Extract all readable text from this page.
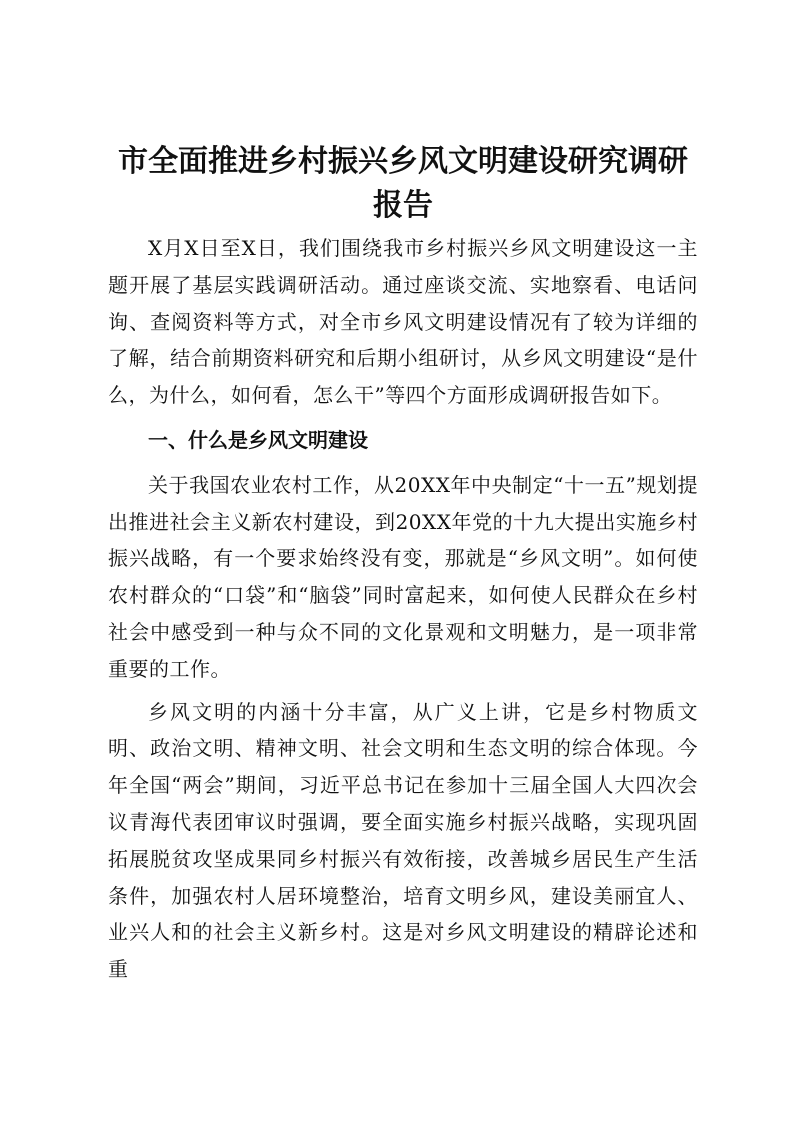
市全面推进乡村振兴乡风文明建设研究调研报告

X月X日至X日，我们围绕我市乡村振兴乡风文明建设这一主题开展了基层实践调研活动。通过座谈交流、实地察看、电话问询、查阅资料等方式，对全市乡风文明建设情况有了较为详细的了解，结合前期资料研究和后期小组研讨，从乡风文明建设“是什么，为什么，如何看，怎么干”等四个方面形成调研报告如下。

一、什么是乡风文明建设

关于我国农业农村工作，从20XX年中央制定“十一五”规划提出推进社会主义新农村建设，到20XX年党的十九大提出实施乡村振兴战略，有一个要求始终没有变，那就是“乡风文明”。如何使农村群众的“口袋”和“脑袋”同时富起来，如何使人民群众在乡村社会中感受到一种与众不同的文化景观和文明魅力，是一项非常重要的工作。

乡风文明的内涵十分丰富，从广义上讲，它是乡村物质文明、政治文明、精神文明、社会文明和生态文明的综合体现。今年全国“两会”期间，习近平总书记在参加十三届全国人大四次会议青海代表团审议时强调，要全面实施乡村振兴战略，实现巩固拓展脱贫攻坚成果同乡村振兴有效衔接，改善城乡居民生产生活条件，加强农村人居环境整治，培育文明乡风，建设美丽宜人、业兴人和的社会主义新乡村。这是对乡风文明建设的精辟论述和重
